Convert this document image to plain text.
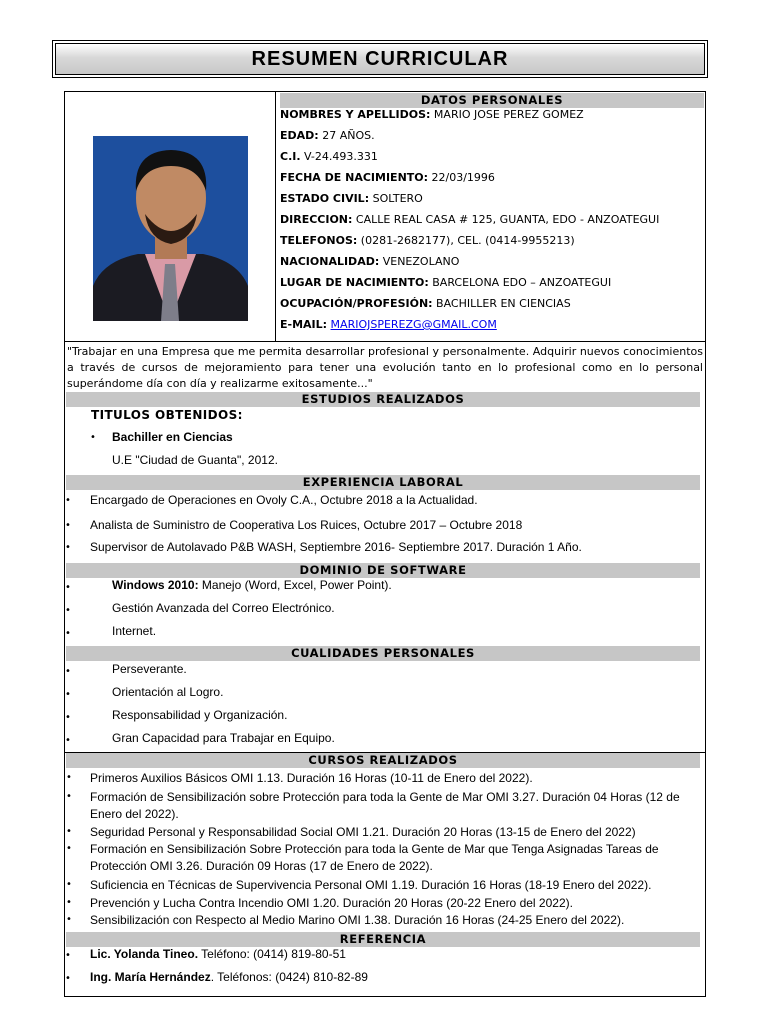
RESUMEN CURRICULAR
DATOS PERSONALES
NOMBRES Y APELLIDOS: MARIO JOSE PEREZ GOMEZ
EDAD: 27 AÑOS.
C.I. V-24.493.331
FECHA DE NACIMIENTO: 22/03/1996
ESTADO CIVIL: SOLTERO
DIRECCION: CALLE REAL CASA # 125, GUANTA, EDO - ANZOATEGUI
TELEFONOS: (0281-2682177), CEL. (0414-9955213)
NACIONALIDAD: VENEZOLANO
LUGAR DE NACIMIENTO: BARCELONA EDO – ANZOATEGUI
OCUPACIÓN/PROFESIÓN: BACHILLER EN CIENCIAS
E-MAIL: MARIOJSPEREZG@GMAIL.COM
"Trabajar en una Empresa que me permita desarrollar profesional y personalmente. Adquirir nuevos conocimientos a través de cursos de mejoramiento para tener una evolución tanto en lo profesional como en lo personal superándome día con día y realizarme exitosamente..."
ESTUDIOS REALIZADOS
TITULOS OBTENIDOS:
• Bachiller en Ciencias
U.E "Ciudad de Guanta", 2012.
EXPERIENCIA LABORAL
• Encargado de Operaciones en Ovoly C.A., Octubre 2018 a la Actualidad.
• Analista de Suministro de Cooperativa Los Ruices, Octubre 2017 – Octubre 2018
• Supervisor de Autolavado P&B WASH, Septiembre 2016- Septiembre 2017. Duración 1 Año.
DOMINIO DE SOFTWARE
•	Windows 2010: Manejo (Word, Excel, Power Point).
•	Gestión Avanzada del Correo Electrónico.
•	Internet.
CUALIDADES PERSONALES
•	Perseverante.
•	Orientación al Logro.
•	Responsabilidad y Organización.
•	Gran Capacidad para Trabajar en Equipo.
CURSOS REALIZADOS
• Primeros Auxilios Básicos OMI 1.13. Duración 16 Horas (10-11 de Enero del 2022).
• Formación de Sensibilización sobre Protección para toda la Gente de Mar OMI 3.27. Duración 04 Horas (12 de Enero del 2022).
• Seguridad Personal y Responsabilidad Social OMI 1.21. Duración 20 Horas (13-15 de Enero del 2022)
• Formación en Sensibilización Sobre Protección para toda la Gente de Mar que Tenga Asignadas Tareas de Protección OMI 3.26. Duración 09 Horas (17 de Enero de 2022).
• Suficiencia en Técnicas de Supervivencia Personal OMI 1.19. Duración 16 Horas (18-19 Enero del 2022).
• Prevención y Lucha Contra Incendio OMI 1.20. Duración 20 Horas (20-22 Enero del 2022).
• Sensibilización con Respecto al Medio Marino OMI 1.38. Duración 16 Horas (24-25 Enero del 2022).
REFERENCIA
• Lic. Yolanda Tineo. Teléfono: (0414) 819-80-51
• Ing. María Hernández. Teléfonos: (0424) 810-82-89
